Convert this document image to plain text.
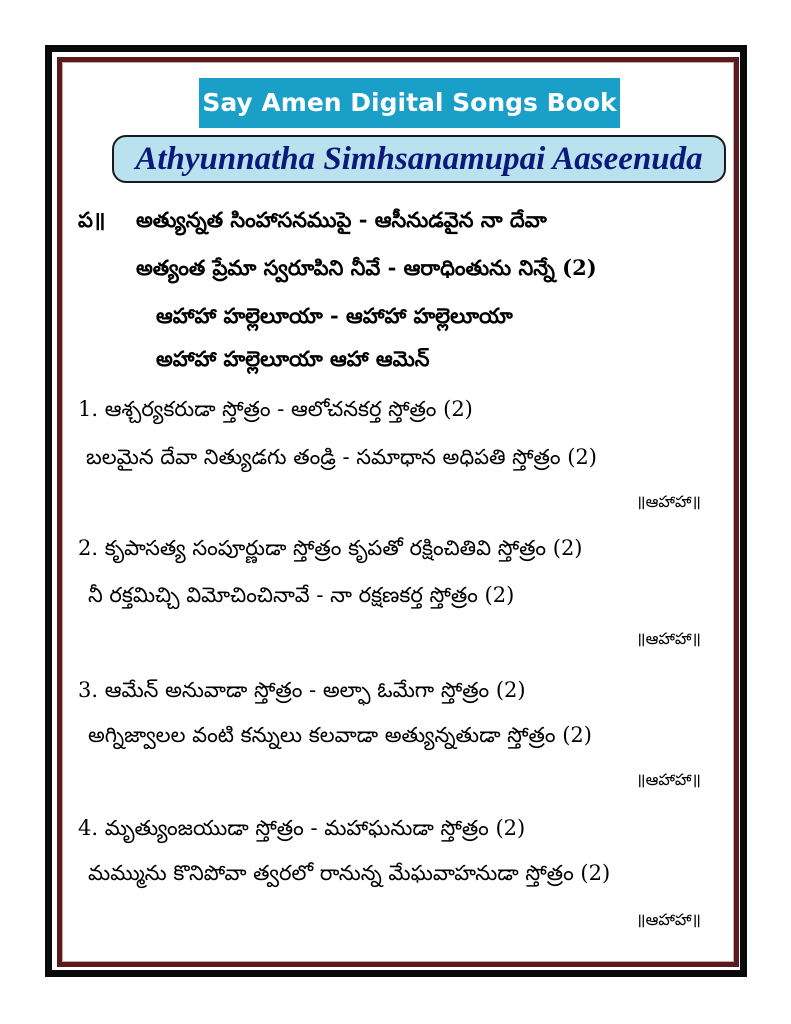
Say Amen Digital Songs Book
Athyunnatha Simhsanamupai Aaseenuda
ప॥ అత్యున్నత సింహాసనముపై - ఆసీనుడవైన నా దేవా
అత్యంత ప్రేమా స్వరూపిని నీవే - ఆరాధింతును నిన్నే (2)
ఆహాహా హల్లెలూయా - ఆహాహా హల్లెలూయా
అహాహా హల్లెలూయా ఆహా ఆమెన్
1. ఆశ్చర్యకరుడా స్తోత్రం - ఆలోచనకర్త స్తోత్రం (2)
బలమైన దేవా నిత్యుడగు తండ్రి - సమాధాన అధిపతి స్తోత్రం (2)
॥ఆహాహా॥
2. కృపాసత్య సంపూర్ణుడా స్తోత్రం కృపతో రక్షించితివి స్తోత్రం (2)
నీ రక్తమిచ్చి విమోచించినావే - నా రక్షణకర్త స్తోత్రం (2)
॥ఆహాహా॥
3. ఆమేన్ అనువాడా స్తోత్రం - అల్ఫా ఓమేగా స్తోత్రం (2)
అగ్నిజ్వాలల వంటి కన్నులు కలవాడా అత్యున్నతుడా స్తోత్రం (2)
॥ఆహాహా॥
4. మృత్యుంజయుడా స్తోత్రం - మహాఘనుడా స్తోత్రం (2)
మమ్మును కొనిపోవా త్వరలో రానున్న మేఘవాహనుడా స్తోత్రం (2)
॥ఆహాహా॥
